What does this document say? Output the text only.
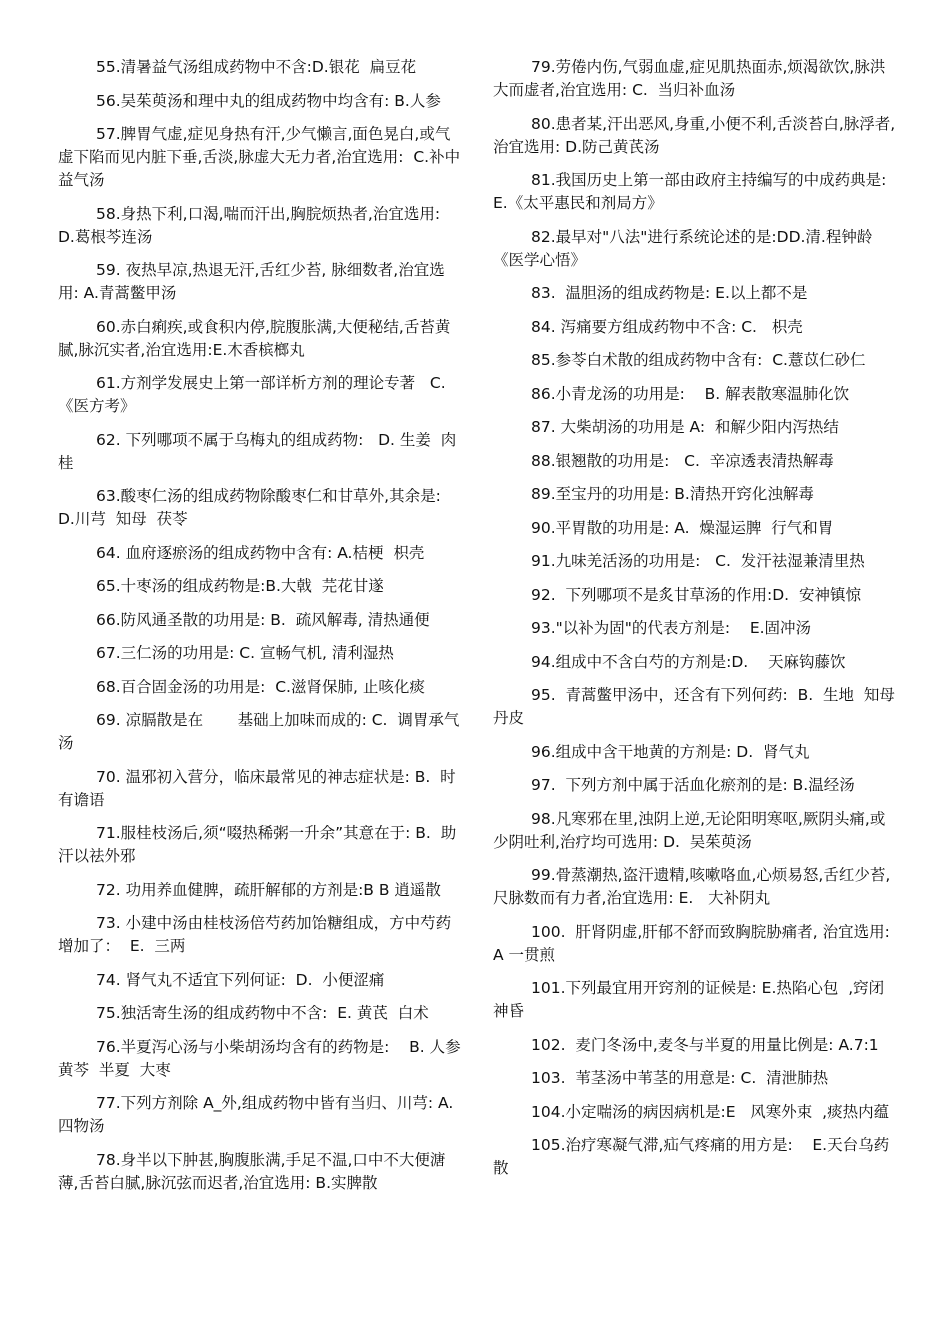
55.清暑益气汤组成药物中不含:D.银花  扁豆花

56.吴茱萸汤和理中丸的组成药物中均含有: B.人参

57.脾胃气虚,症见身热有汗,少气懒言,面色晃白,或气虚下陷而见内脏下垂,舌淡,脉虚大无力者,治宜选用:  C.补中益气汤

58.身热下利,口渴,喘而汗出,胸脘烦热者,治宜选用:  D.葛根芩连汤

59. 夜热早凉,热退无汗,舌红少苔, 脉细数者,治宜选用: A.青蒿鳖甲汤

60.赤白痢疾,或食积内停,脘腹胀满,大便秘结,舌苔黄腻,脉沉实者,治宜选用:E.木香槟榔丸

61.方剂学发展史上第一部详析方剂的理论专著   C.《医方考》

62. 下列哪项不属于乌梅丸的组成药物:   D. 生姜  肉桂

63.酸枣仁汤的组成药物除酸枣仁和甘草外,其余是:  D.川芎  知母  茯苓

64. 血府逐瘀汤的组成药物中含有: A.桔梗  枳壳

65.十枣汤的组成药物是:B.大戟  芫花甘遂

66.防风通圣散的功用是: B.  疏风解毒, 清热通便

67.三仁汤的功用是: C. 宣畅气机, 清利湿热

68.百合固金汤的功用是:  C.滋肾保肺, 止咳化痰

69. 凉膈散是在       基础上加味而成的: C.  调胃承气汤

70. 温邪初入营分，临床最常见的神志症状是: B.  时有谵语

71.服桂枝汤后,须“啜热稀粥一升余”其意在于: B.  助汗以祛外邪

72. 功用养血健脾，疏肝解郁的方剂是:B B 逍遥散

73. 小建中汤由桂枝汤倍芍药加饴糖组成，方中芍药增加了：  E.  三两

74. 肾气丸不适宜下列何证:  D.  小便涩痛

75.独活寄生汤的组成药物中不含:  E. 黄芪  白术

76.半夏泻心汤与小柴胡汤均含有的药物是:    B. 人参  黄芩  半夏  大枣

77.下列方剂除 A_外,组成药物中皆有当归、川芎: A.四物汤

78.身半以下肿甚,胸腹胀满,手足不温,口中不大便溏薄,舌苔白腻,脉沉弦而迟者,治宜选用: B.实脾散

79.劳倦内伤,气弱血虚,症见肌热面赤,烦渴欲饮,脉洪大而虚者,治宜选用: C.  当归补血汤

80.患者某,汗出恶风,身重,小便不利,舌淡苔白,脉浮者,治宜选用: D.防己黄芪汤

81.我国历史上第一部由政府主持编写的中成药典是: E.《太平惠民和剂局方》

82.最早对"八法"进行系统论述的是:DD.清.程钟龄《医学心悟》

83.  温胆汤的组成药物是: E.以上都不是

84. 泻痛要方组成药物中不含: C.   枳壳

85.参苓白术散的组成药物中含有:  C.薏苡仁砂仁

86.小青龙汤的功用是:    B. 解表散寒温肺化饮

87. 大柴胡汤的功用是 A:  和解少阳内泻热结

88.银翘散的功用是:   C.  辛凉透表清热解毒

89.至宝丹的功用是: B.清热开窍化浊解毒

90.平胃散的功用是: A.  燥湿运脾  行气和胃

91.九味羌活汤的功用是:   C.  发汗祛湿兼清里热

92.  下列哪项不是炙甘草汤的作用:D.  安神镇惊

93."以补为固"的代表方剂是:    E.固冲汤

94.组成中不含白芍的方剂是:D.    天麻钩藤饮

95.  青蒿鳖甲汤中，还含有下列何药:  B.  生地  知母  丹皮

96.组成中含干地黄的方剂是: D.  肾气丸

97.  下列方剂中属于活血化瘀剂的是: B.温经汤

98.凡寒邪在里,浊阴上逆,无论阳明寒呕,厥阴头痛,或少阴吐利,治疗均可选用: D.  吴茱萸汤

99.骨蒸潮热,盗汗遗精,咳嗽咯血,心烦易怒,舌红少苔,  尺脉数而有力者,治宜选用: E.   大补阴丸

100.  肝肾阴虚,肝郁不舒而致胸脘胁痛者, 治宜选用:A 一贯煎

101.下列最宜用开窍剂的证候是: E.热陷心包  ,窍闭神昏

102.  麦门冬汤中,麦冬与半夏的用量比例是: A.7:1

103.  苇茎汤中苇茎的用意是: C.  清泄肺热

104.小定喘汤的病因病机是:E   风寒外束  ,痰热内蕴

105.治疗寒凝气滞,疝气疼痛的用方是:    E.天台乌药散
